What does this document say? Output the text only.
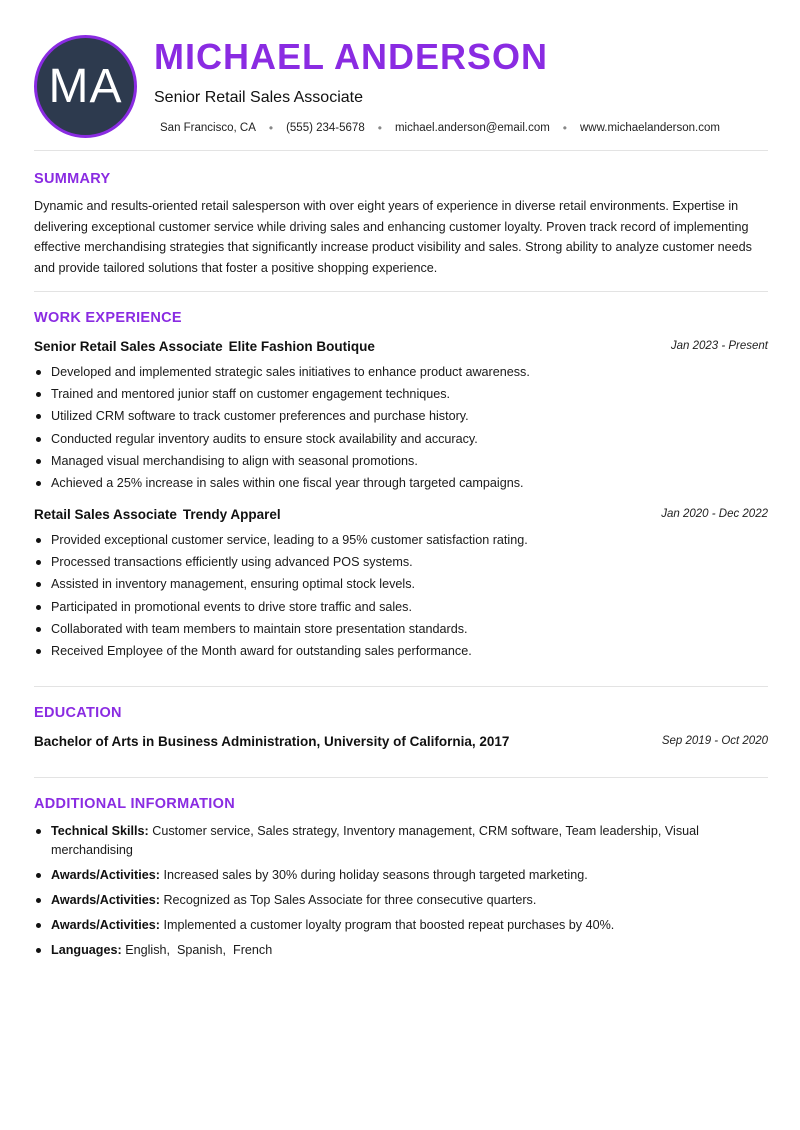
MA
MICHAEL ANDERSON
Senior Retail Sales Associate
San Francisco, CA • (555) 234-5678 • michael.anderson@email.com • www.michaelanderson.com
SUMMARY
Dynamic and results-oriented retail salesperson with over eight years of experience in diverse retail environments. Expertise in delivering exceptional customer service while driving sales and enhancing customer loyalty. Proven track record of implementing effective merchandising strategies that significantly increase product visibility and sales. Strong ability to analyze customer needs and provide tailored solutions that foster a positive shopping experience.
WORK EXPERIENCE
Senior Retail Sales Associate Elite Fashion Boutique	Jan 2023 - Present
Developed and implemented strategic sales initiatives to enhance product awareness.
Trained and mentored junior staff on customer engagement techniques.
Utilized CRM software to track customer preferences and purchase history.
Conducted regular inventory audits to ensure stock availability and accuracy.
Managed visual merchandising to align with seasonal promotions.
Achieved a 25% increase in sales within one fiscal year through targeted campaigns.
Retail Sales Associate Trendy Apparel	Jan 2020 - Dec 2022
Provided exceptional customer service, leading to a 95% customer satisfaction rating.
Processed transactions efficiently using advanced POS systems.
Assisted in inventory management, ensuring optimal stock levels.
Participated in promotional events to drive store traffic and sales.
Collaborated with team members to maintain store presentation standards.
Received Employee of the Month award for outstanding sales performance.
EDUCATION
Bachelor of Arts in Business Administration, University of California, 2017	Sep 2019 - Oct 2020
ADDITIONAL INFORMATION
Technical Skills: Customer service, Sales strategy, Inventory management, CRM software, Team leadership, Visual merchandising
Awards/Activities: Increased sales by 30% during holiday seasons through targeted marketing.
Awards/Activities: Recognized as Top Sales Associate for three consecutive quarters.
Awards/Activities: Implemented a customer loyalty program that boosted repeat purchases by 40%.
Languages: English,  Spanish,  French
